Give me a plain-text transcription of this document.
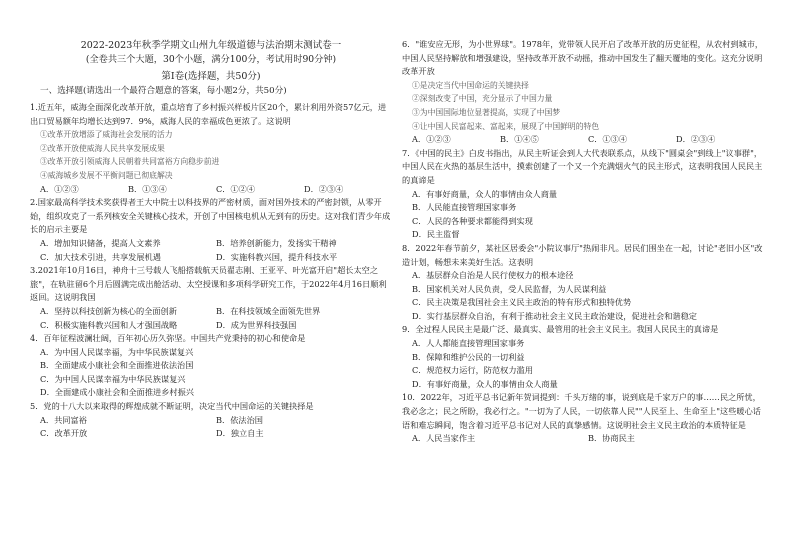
2022-2023年秋季学期文山州九年级道德与法治期末测试卷一

(全卷共三个大题，30个小题，满分100分，考试用时90分钟)

第Ⅰ卷(选择题，共50分)

一、选择题(请选出一个最符合题意的答案，每小题2分，共50分)

1.近五年，威海全面深化改革开放，重点培育了乡村振兴样板片区20个，累计利用外资57亿元，进出口贸易额年均增长达到97．9%，威海人民的幸福成色更浓了。这说明

①改革开放增添了威海社会发展的活力

②改革开放使威海人民共享发展成果

③改革开放引领威海人民朝着共同富裕方向稳步前进

④威海城乡发展不平衡问题已彻底解决

A．①②③	B．①③④	C．①②④	D．②③④

2.国家最高科学技术奖获得者王大中院士以科技界的严密材质，面对国外技术的严密封锁，从零开始，组织攻克了一系列核安全关键核心技术，开创了中国核电机从无到有的历史。这对我们青少年成长的启示主要是

A．增加知识储备，提高人文素养	B．培养创新能力，发扬实干精神
C．加大技术引进，共享发展机遇	D．实施科教兴国，提升科技水平

3.2021年10月16日，神舟十三号载人飞船搭载航天员翟志刚、王亚平、叶光富开启"超长太空之旅"，在轨驻留6个月后圆满完成出舱活动、太空授课和多项科学研究工作，于2022年4月16日顺利返回。这说明我国

A．坚持以科技创新为核心的全面创新	B．在科技领域全面领先世界
C．积极实施科教兴国和人才强国战略	D．成为世界科技强国

4．百年征程波澜壮阔，百年初心历久弥坚。中国共产党秉持的初心和使命是

A．为中国人民谋幸福，为中华民族谋复兴

B．全面建成小康社会和全面推进依法治国

C．为中国人民谋幸福为中华民族谋复兴

D．全面建成小康社会和全面推进乡村振兴

5．党的十八大以来取得的辉煌成就不断证明，决定当代中国命运的关键抉择是

A．共同富裕	B．依法治国
C．改革开放	D．独立自主

6．"谁安应无形，为小世界球"。1978年，党带领人民开启了改革开放的历史征程，从农村到城市，中国人民坚持解放和增强建设，坚持改革开放不动摇，推动中国发生了翻天覆地的变化。这充分说明改革开放

①是决定当代中国命运的关键抉择

②深刻改变了中国，充分显示了中国力量

③为中国国际地位显著提高，实现了中国梦

④让中国人民富起来、富起来，展现了中国鲜明的特色

A．①②③	B．①④⑤	C．①③④	D．②③④

7．《中国的民主》白皮书指出，从民主听证会到人大代表联系点，从线下"圆桌会"到线上"议事群"，中国人民在火热的基层生活中，摸索创建了一个又一个充满烟火气的民主形式，这表明我国人民民主的真谛是

A．有事好商量，众人的事情由众人商量

B．人民能直接管理国家事务

C．人民的各种要求都能得到实现

D．民主监督

8．2022年春节前夕，某社区居委会"小院议事厅"热闹非凡。居民们围坐在一起，讨论"老旧小区"改造计划，畅想未来美好生活。这表明

A．基层群众自治是人民行使权力的根本途径

B．国家机关对人民负责，受人民监督，为人民谋利益

C．民主决策是我国社会主义民主政治的特有形式和独特优势

D．实行基层群众自治，有利于推动社会主义民主政治建设，促进社会和谐稳定

9．全过程人民民主是最广泛、最真实、最管用的社会主义民主。我国人民民主的真谛是

A．人人都能直接管理国家事务

B．保障和维护公民的一切利益

C．规范权力运行，防范权力滥用

D．有事好商量，众人的事情由众人商量

10．2022年，习近平总书记新年贺词提到：千头万绪的事，说到底是千家万户的事……民之所忧，我必念之；民之所盼，我必行之。"一切为了人民，一切依靠人民""人民至上、生命至上"这些暖心话语和难忘瞬间，饱含着习近平总书记对人民的真挚感情。这说明社会主义民主政治的本质特征是

A．人民当家作主	B．协商民主
